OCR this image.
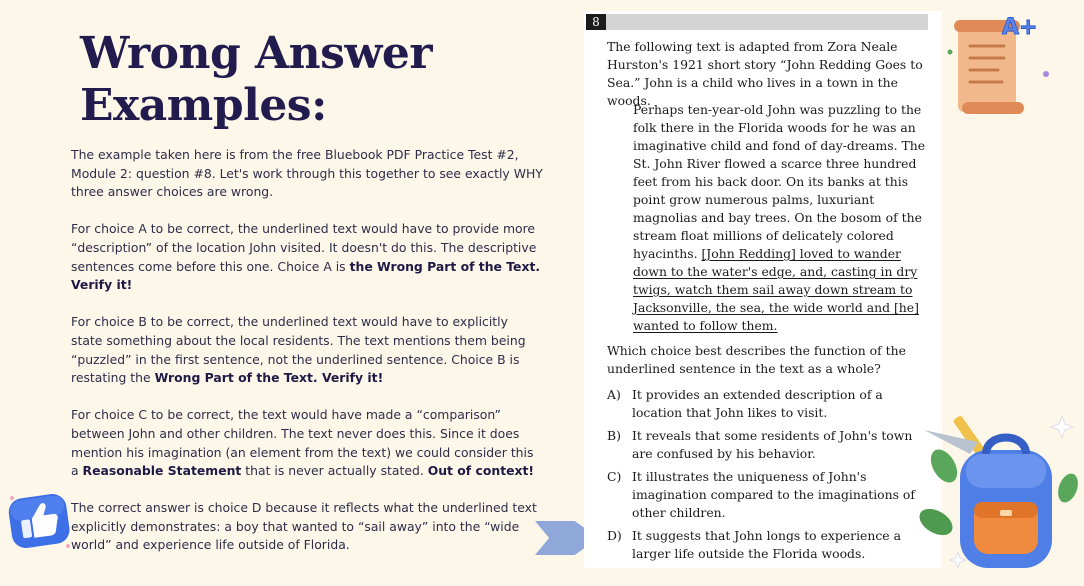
Wrong Answer
Examples:

The example taken here is from the free Bluebook PDF Practice Test #2, Module 2: question #8. Let's work through this together to see exactly WHY three answer choices are wrong.

For choice A to be correct, the underlined text would have to provide more “description” of the location John visited. It doesn't do this. The descriptive sentences come before this one. Choice A is the Wrong Part of the Text. Verify it!

For choice B to be correct, the underlined text would have to explicitly state something about the local residents. The text mentions them being “puzzled” in the first sentence, not the underlined sentence. Choice B is restating the Wrong Part of the Text. Verify it!

For choice C to be correct, the text would have made a “comparison” between John and other children. The text never does this. Since it does mention his imagination (an element from the text) we could consider this a Reasonable Statement that is never actually stated. Out of context!

The correct answer is choice D because it reflects what the underlined text explicitly demonstrates: a boy that wanted to “sail away” into the “wide world” and experience life outside of Florida.

8
The following text is adapted from Zora Neale Hurston's 1921 short story “John Redding Goes to Sea.” John is a child who lives in a town in the woods.
Perhaps ten-year-old John was puzzling to the folk there in the Florida woods for he was an imaginative child and fond of day-dreams. The St. John River flowed a scarce three hundred feet from his back door. On its banks at this point grow numerous palms, luxuriant magnolias and bay trees. On the bosom of the stream float millions of delicately colored hyacinths. [John Redding] loved to wander down to the water's edge, and, casting in dry twigs, watch them sail away down stream to Jacksonville, the sea, the wide world and [he] wanted to follow them.
Which choice best describes the function of the underlined sentence in the text as a whole?
A) It provides an extended description of a location that John likes to visit.
B) It reveals that some residents of John's town are confused by his behavior.
C) It illustrates the uniqueness of John's imagination compared to the imaginations of other children.
D) It suggests that John longs to experience a larger life outside the Florida woods.
A+
